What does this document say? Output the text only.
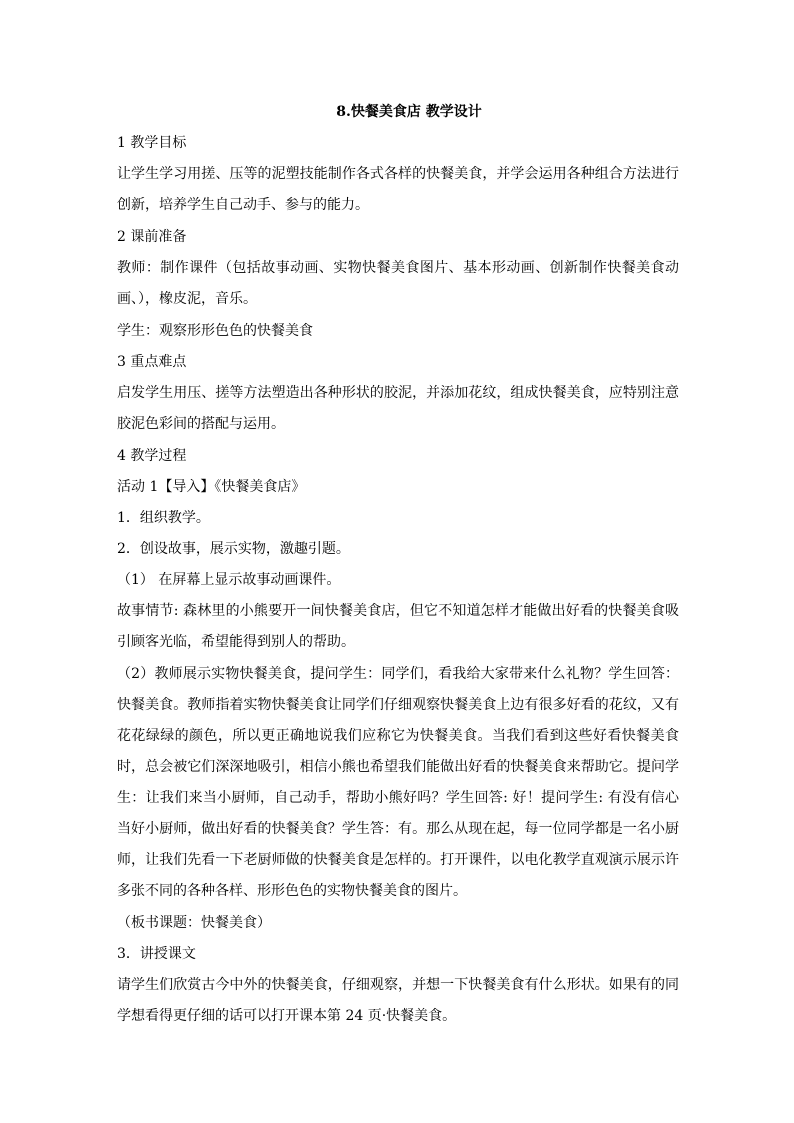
8.快餐美食店 教学设计

1 教学目标

让学生学习用搓、压等的泥塑技能制作各式各样的快餐美食，并学会运用各种组合方法进行创新，培养学生自己动手、参与的能力。

2 课前准备

教师：制作课件（包括故事动画、实物快餐美食图片、基本形动画、创新制作快餐美食动画、），橡皮泥，音乐。

学生：观察形形色色的快餐美食

3 重点难点

启发学生用压、搓等方法塑造出各种形状的胶泥，并添加花纹，组成快餐美食，应特别注意胶泥色彩间的搭配与运用。

4 教学过程

活动 1【导入】《快餐美食店》

1．组织教学。

2．创设故事，展示实物，激趣引题。

（1） 在屏幕上显示故事动画课件。

故事情节: 森林里的小熊要开一间快餐美食店，但它不知道怎样才能做出好看的快餐美食吸引顾客光临，希望能得到别人的帮助。

（2）教师展示实物快餐美食，提问学生：同学们，看我给大家带来什么礼物？学生回答：快餐美食。教师指着实物快餐美食让同学们仔细观察快餐美食上边有很多好看的花纹，又有花花绿绿的颜色，所以更正确地说我们应称它为快餐美食。当我们看到这些好看快餐美食时，总会被它们深深地吸引，相信小熊也希望我们能做出好看的快餐美食来帮助它。提问学生：让我们来当小厨师，自己动手，帮助小熊好吗？学生回答: 好！提问学生: 有没有信心当好小厨师，做出好看的快餐美食？学生答：有。那么从现在起，每一位同学都是一名小厨师，让我们先看一下老厨师做的快餐美食是怎样的。打开课件，以电化教学直观演示展示许多张不同的各种各样、形形色色的实物快餐美食的图片。

（板书课题：快餐美食）

3．讲授课文

请学生们欣赏古今中外的快餐美食，仔细观察，并想一下快餐美食有什么形状。如果有的同学想看得更仔细的话可以打开课本第 24 页·快餐美食。
